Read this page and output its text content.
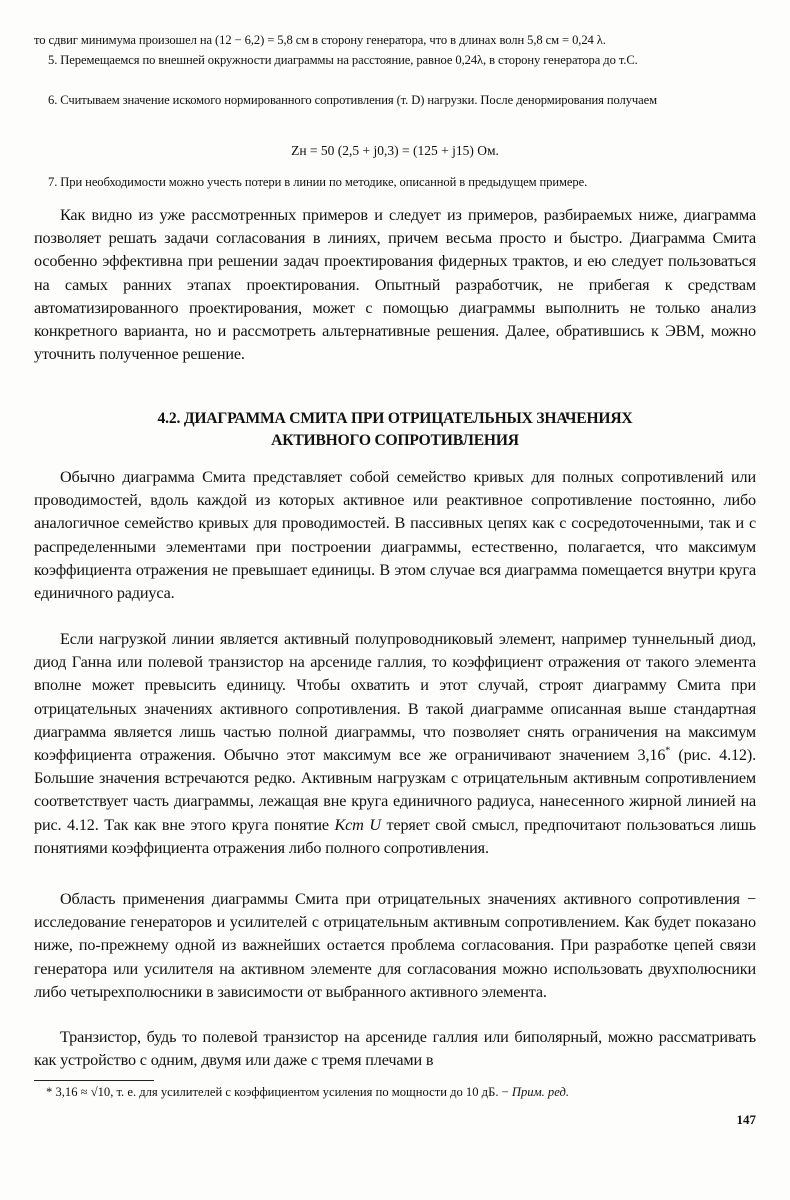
то сдвиг минимума произошел на (12 − 6,2) = 5,8 см в сторону генератора, что в длинах волн 5,8 см = 0,24 λ.
5. Перемещаемся по внешней окружности диаграммы на расстояние, равное 0,24λ, в сторону генератора до т.С.
6. Считываем значение искомого нормированного сопротивления (т. D) нагрузки. После денормирования получаем
Zн = 50 (2,5 + j0,3) = (125 + j15) Ом.
7. При необходимости можно учесть потери в линии по методике, описанной в предыдущем примере.

Как видно из уже рассмотренных примеров и следует из примеров, разбираемых ниже, диаграмма позволяет решать задачи согласования в линиях, причем весьма просто и быстро. Диаграмма Смита особенно эффективна при решении задач проектирования фидерных трактов, и ею следует пользоваться на самых ранних этапах проектирования. Опытный разработчик, не прибегая к средствам автоматизированного проектирования, может с помощью диаграммы выполнить не только анализ конкретного варианта, но и рассмотреть альтернативные решения. Далее, обратившись к ЭВМ, можно уточнить полученное решение.

4.2. ДИАГРАММА СМИТА ПРИ ОТРИЦАТЕЛЬНЫХ ЗНАЧЕНИЯХ
АКТИВНОГО СОПРОТИВЛЕНИЯ

Обычно диаграмма Смита представляет собой семейство кривых для полных сопротивлений или проводимостей, вдоль каждой из которых активное или реактивное сопротивление постоянно, либо аналогичное семейство кривых для проводимостей. В пассивных цепях как с сосредоточенными, так и с распределенными элементами при построении диаграммы, естественно, полагается, что максимум коэффициента отражения не превышает единицы. В этом случае вся диаграмма помещается внутри круга единичного радиуса.

Если нагрузкой линии является активный полупроводниковый элемент, например туннельный диод, диод Ганна или полевой транзистор на арсениде галлия, то коэффициент отражения от такого элемента вполне может превысить единицу. Чтобы охватить и этот случай, строят диаграмму Смита при отрицательных значениях активного сопротивления. В такой диаграмме описанная выше стандартная диаграмма является лишь частью полной диаграммы, что позволяет снять ограничения на максимум коэффициента отражения. Обычно этот максимум все же ограничивают значением 3,16* (рис. 4.12). Большие значения встречаются редко. Активным нагрузкам с отрицательным активным сопротивлением соответствует часть диаграммы, лежащая вне круга единичного радиуса, нанесенного жирной линией на рис. 4.12. Так как вне этого круга понятие Kст U теряет свой смысл, предпочитают пользоваться лишь понятиями коэффициента отражения либо полного сопротивления.

Область применения диаграммы Смита при отрицательных значениях активного сопротивления − исследование генераторов и усилителей с отрицательным активным сопротивлением. Как будет показано ниже, по-прежнему одной из важнейших остается проблема согласования. При разработке цепей связи генератора или усилителя на активном элементе для согласования можно использовать двухполюсники либо четырехполюсники в зависимости от выбранного активного элемента.

Транзистор, будь то полевой транзистор на арсениде галлия или биполярный, можно рассматривать как устройство с одним, двумя или даже с тремя плечами в

* 3,16 ≈ √10, т. е. для усилителей с коэффициентом усиления по мощности до 10 дБ. − Прим. ред.
147
